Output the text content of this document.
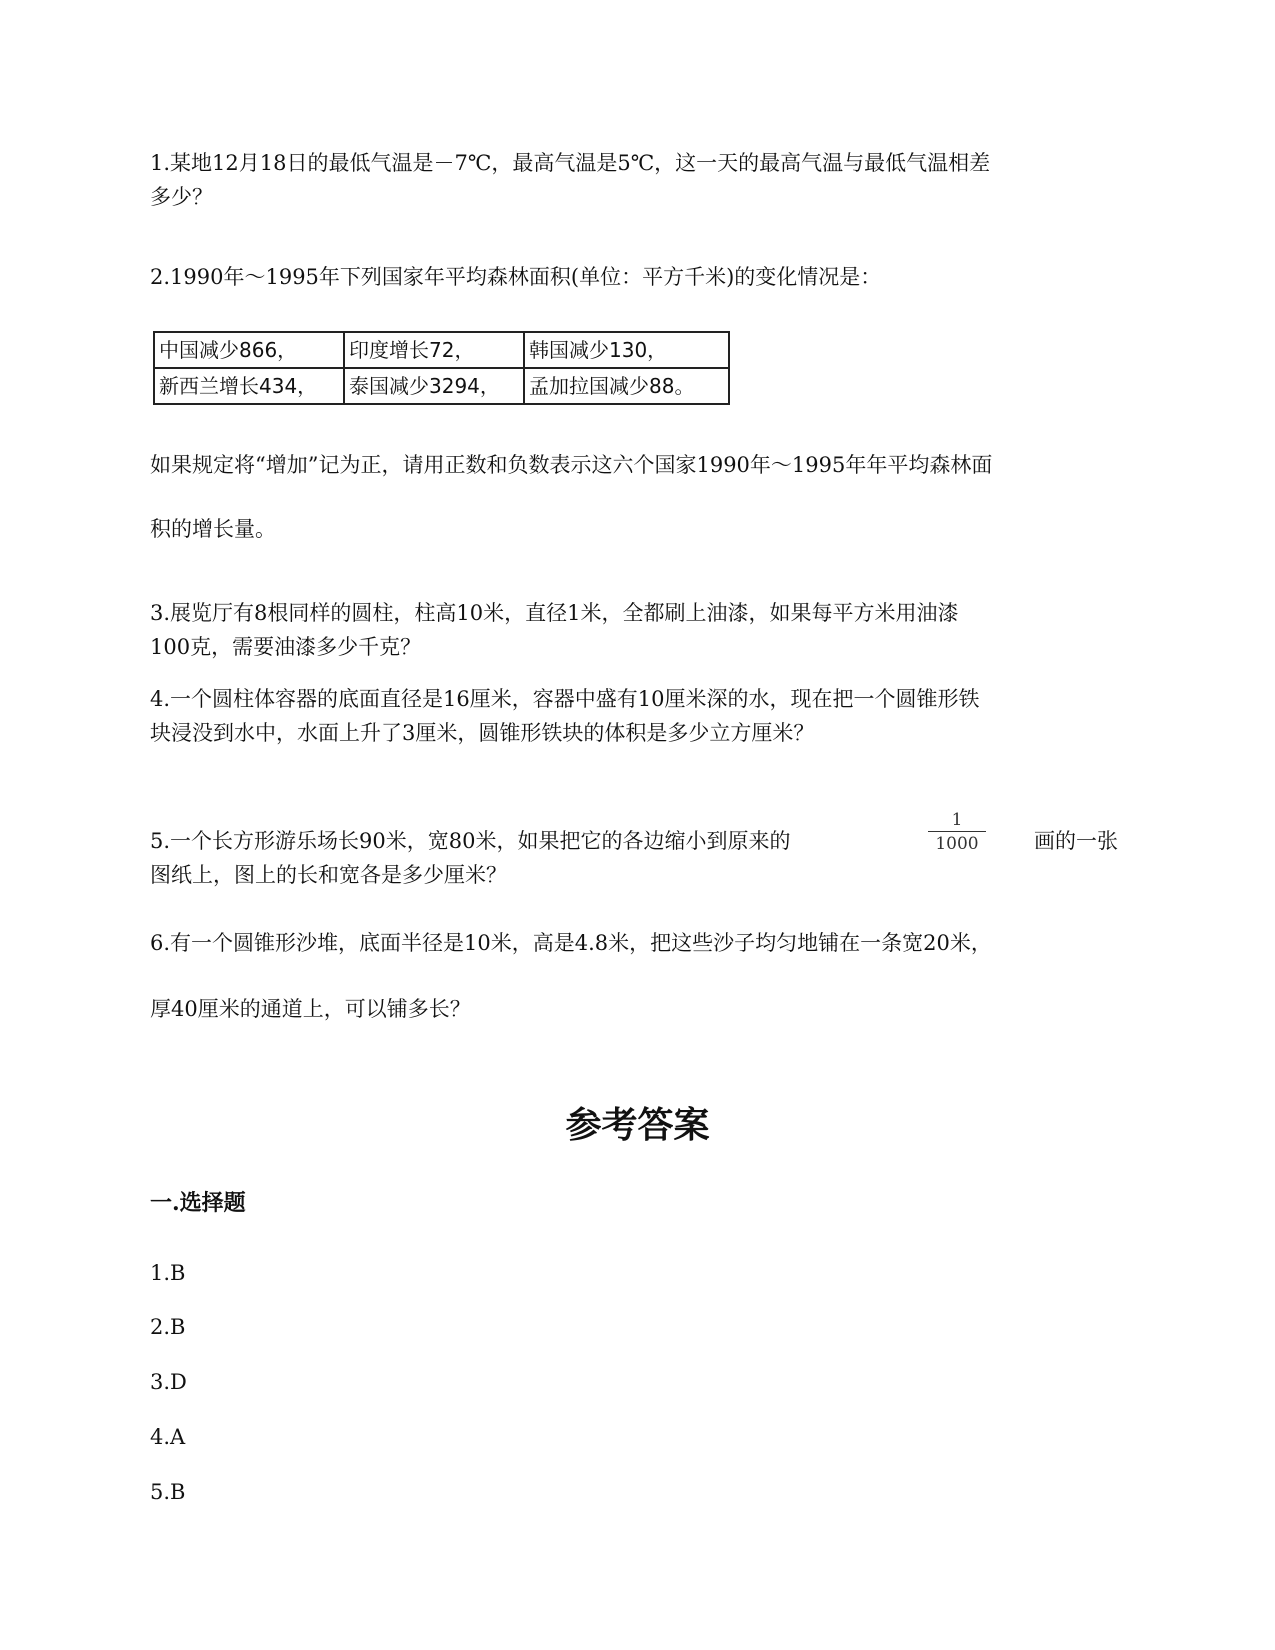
1.某地12月18日的最低气温是－7℃，最高气温是5℃，这一天的最高气温与最低气温相差
多少？
2.1990年～1995年下列国家年平均森林面积(单位：平方千米)的变化情况是：
中国减少866，	印度增长72，	韩国减少130，
新西兰增长434，	泰国减少3294，	孟加拉国减少88。
如果规定将“增加”记为正，请用正数和负数表示这六个国家1990年～1995年年平均森林面
积的增长量。
3.展览厅有8根同样的圆柱，柱高10米，直径1米，全都刷上油漆，如果每平方米用油漆
100克，需要油漆多少千克？
4.一个圆柱体容器的底面直径是16厘米，容器中盛有10厘米深的水，现在把一个圆锥形铁
块浸没到水中，水面上升了3厘米，圆锥形铁块的体积是多少立方厘米？
5.一个长方形游乐场长90米，宽80米，如果把它的各边缩小到原来的
1
1000	画的一张
图纸上，图上的长和宽各是多少厘米？
6.有一个圆锥形沙堆，底面半径是10米，高是4.8米，把这些沙子均匀地铺在一条宽20米，
厚40厘米的通道上，可以铺多长？
参考答案
一.选择题
1.B
2.B
3.D
4.A
5.B
